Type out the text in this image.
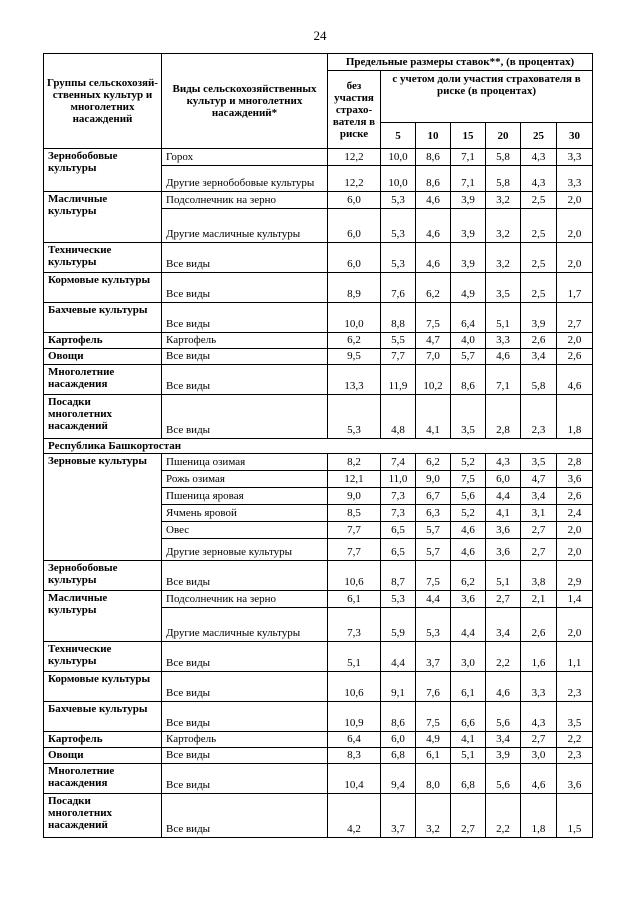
24
Группы сельскохозяй-ственных культур и многолетних насаждений	Виды сельскохозяйственных культур и многолетних насаждений*	Предельные размеры ставок**, (в процентах)						
		без участия страхо-вателя в риске	с учетом доли участия страхователя в риске (в процентах)					
			5	10	15	20	25	30
Зернобобовые культуры	Горох	12,2	10,0	8,6	7,1	5,8	4,3	3,3
	Другие зернобобовые культуры	12,2	10,0	8,6	7,1	5,8	4,3	3,3
Масличные культуры	Подсолнечник на зерно	6,0	5,3	4,6	3,9	3,2	2,5	2,0
	Другие масличные культуры	6,0	5,3	4,6	3,9	3,2	2,5	2,0
Технические культуры	Все виды	6,0	5,3	4,6	3,9	3,2	2,5	2,0
Кормовые культуры	Все виды	8,9	7,6	6,2	4,9	3,5	2,5	1,7
Бахчевые культуры	Все виды	10,0	8,8	7,5	6,4	5,1	3,9	2,7
Картофель	Картофель	6,2	5,5	4,7	4,0	3,3	2,6	2,0
Овощи	Все виды	9,5	7,7	7,0	5,7	4,6	3,4	2,6
Многолетние насаждения	Все виды	13,3	11,9	10,2	8,6	7,1	5,8	4,6
Посадки многолетних насаждений	Все виды	5,3	4,8	4,1	3,5	2,8	2,3	1,8
Республика Башкортостан								
Зерновые культуры	Пшеница озимая	8,2	7,4	6,2	5,2	4,3	3,5	2,8
	Рожь озимая	12,1	11,0	9,0	7,5	6,0	4,7	3,6
	Пшеница яровая	9,0	7,3	6,7	5,6	4,4	3,4	2,6
	Ячмень яровой	8,5	7,3	6,3	5,2	4,1	3,1	2,4
	Овес	7,7	6,5	5,7	4,6	3,6	2,7	2,0
	Другие зерновые культуры	7,7	6,5	5,7	4,6	3,6	2,7	2,0
Зернобобовые культуры	Все виды	10,6	8,7	7,5	6,2	5,1	3,8	2,9
Масличные культуры	Подсолнечник на зерно	6,1	5,3	4,4	3,6	2,7	2,1	1,4
	Другие масличные культуры	7,3	5,9	5,3	4,4	3,4	2,6	2,0
Технические культуры	Все виды	5,1	4,4	3,7	3,0	2,2	1,6	1,1
Кормовые культуры	Все виды	10,6	9,1	7,6	6,1	4,6	3,3	2,3
Бахчевые культуры	Все виды	10,9	8,6	7,5	6,6	5,6	4,3	3,5
Картофель	Картофель	6,4	6,0	4,9	4,1	3,4	2,7	2,2
Овощи	Все виды	8,3	6,8	6,1	5,1	3,9	3,0	2,3
Многолетние насаждения	Все виды	10,4	9,4	8,0	6,8	5,6	4,6	3,6
Посадки многолетних насаждений	Все виды	4,2	3,7	3,2	2,7	2,2	1,8	1,5
